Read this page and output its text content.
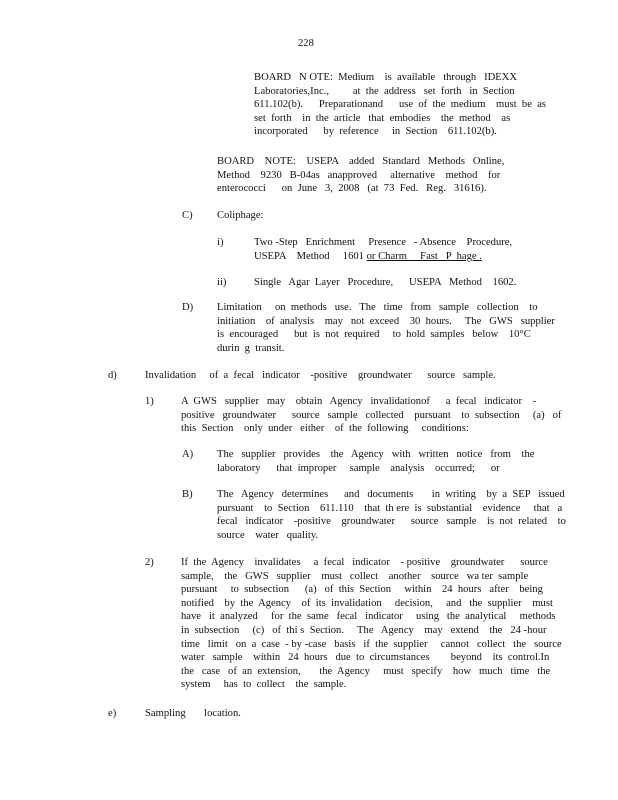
228
BOARD   N OTE:  Medium    is  available   through   IDEXX
Laboratories,Inc.,         at  the  address   set  forth   in  Section
611.102(b).      Preparationand      use  of  the  medium    must  be  as
set  forth    in  the  article   that  embodies    the  method    as
incorporated      by  reference     in  Section    611.102(b).
BOARD    NOTE:    USEPA    added   Standard   Methods   Online,
Method    9230   B-04as   anapproved     alternative    method    for
enterococci      on  June   3,  2008   (at  73  Fed.   Reg.   31616).
C) Coliphage:
i)	Two -Step   Enrichment     Presence   - Absence    Procedure,
USEPA    Method     1601 or Charm     Fast   P  hage .
ii)	Single   Agar  Layer   Procedure,      USEPA   Method    1602.
D) Limitation     on  methods   use.   The   time   from   sample   collection    to
initiation    of  analysis    may   not  exceed    30  hours.     The   GWS   supplier
is  encouraged      but  is  not  required     to  hold  samples   below    10°C
durin  g  transit.
d)	Invalidation     of  a  fecal   indicator    -positive    groundwater      source   sample.
1)	A  GWS   supplier   may    obtain   Agency   invalidationof      a  fecal   indicator    -
positive   groundwater      source   sample   collected    pursuant    to  subsection     (a)   of
this  Section    only  under   either    of  the  following     conditions:
A) The   supplier   provides    the   Agency   with   written   notice   from    the
laboratory      that  improper     sample    analysis    occurred;      or
B) The   Agency   determines      and   documents       in  writing    by  a  SEP   issued
pursuant    to  Section    611.110    that  th ere  is  substantial    evidence     that   a
fecal   indicator    -positive    groundwater      source   sample    is  not  related    to
source    water   quality.
2)	If  the  Agency    invalidates     a  fecal   indicator    - positive    groundwater      source
sample,    the   GWS   supplier    must   collect    another    source   wa ter  sample
pursuant     to  subsection      (a)   of  this  Section     within    24  hours   after    being
notified    by  the  Agency    of  its  invalidation     decision,     and   the  supplier    must
have   it  analyzed     for  the  same   fecal   indicator     using   the  analytical     methods
in  subsection     (c)   of  thi s  Section.     The   Agency    may   extend    the   24 -hour
time   limit   on  a  case  - by -case   basis   if  the  supplier     cannot   collect   the   source
water   sample    within   24  hours   due  to  circumstances        beyond    its  control.In
the   case   of  an  extension,       the  Agency     must   specify    how   much   time   the
system     has  to  collect    the  sample.
e)	Sampling       location.
